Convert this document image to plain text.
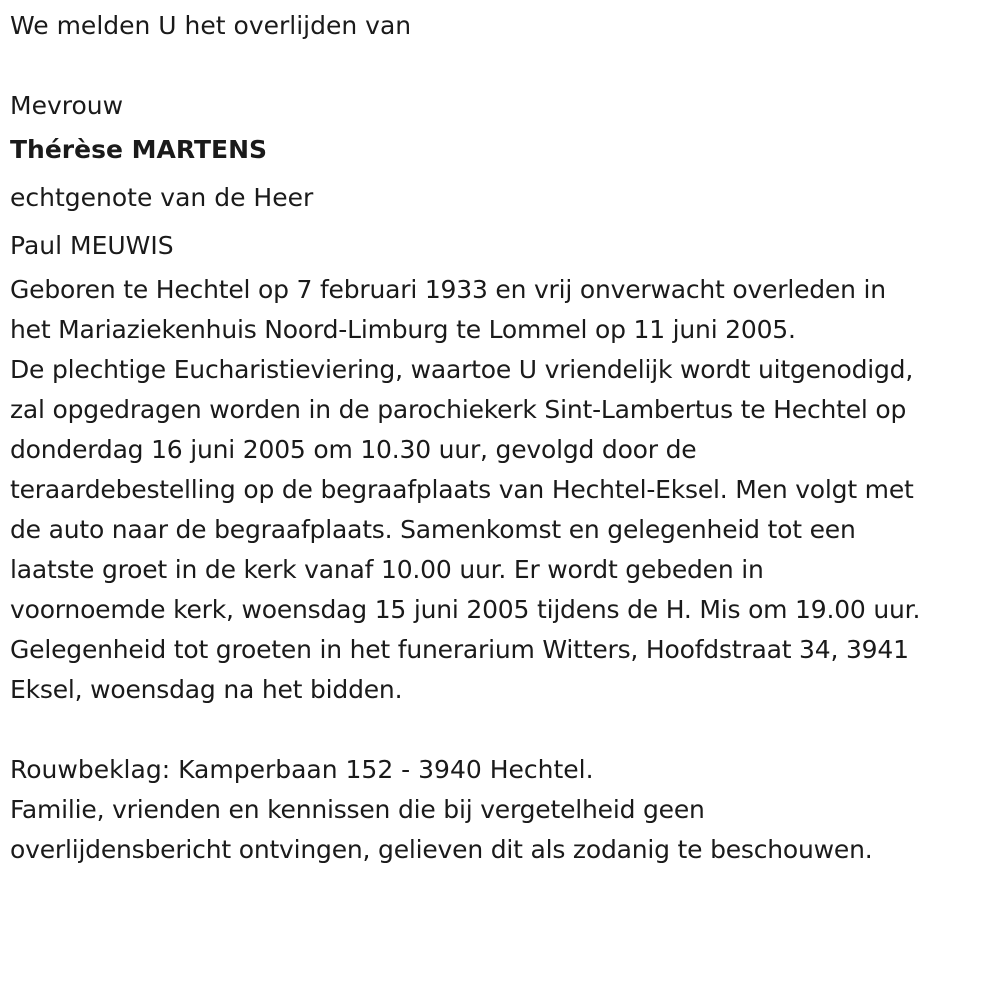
We melden U het overlijden van
Mevrouw
Thérèse MARTENS
echtgenote van de Heer
Paul MEUWIS
Geboren te Hechtel op 7 februari 1933 en vrij onverwacht overleden in
het Mariaziekenhuis Noord-Limburg te Lommel op 11 juni 2005.
De plechtige Eucharistieviering, waartoe U vriendelijk wordt uitgenodigd,
zal opgedragen worden in de parochiekerk Sint-Lambertus te Hechtel op
donderdag 16 juni 2005 om 10.30 uur, gevolgd door de
teraardebestelling op de begraafplaats van Hechtel-Eksel. Men volgt met
de auto naar de begraafplaats. Samenkomst en gelegenheid tot een
laatste groet in de kerk vanaf 10.00 uur. Er wordt gebeden in
voornoemde kerk, woensdag 15 juni 2005 tijdens de H. Mis om 19.00 uur.
Gelegenheid tot groeten in het funerarium Witters, Hoofdstraat 34, 3941
Eksel, woensdag na het bidden.
Rouwbeklag: Kamperbaan 152 - 3940 Hechtel.
Familie, vrienden en kennissen die bij vergetelheid geen
overlijdensbericht ontvingen, gelieven dit als zodanig te beschouwen.
